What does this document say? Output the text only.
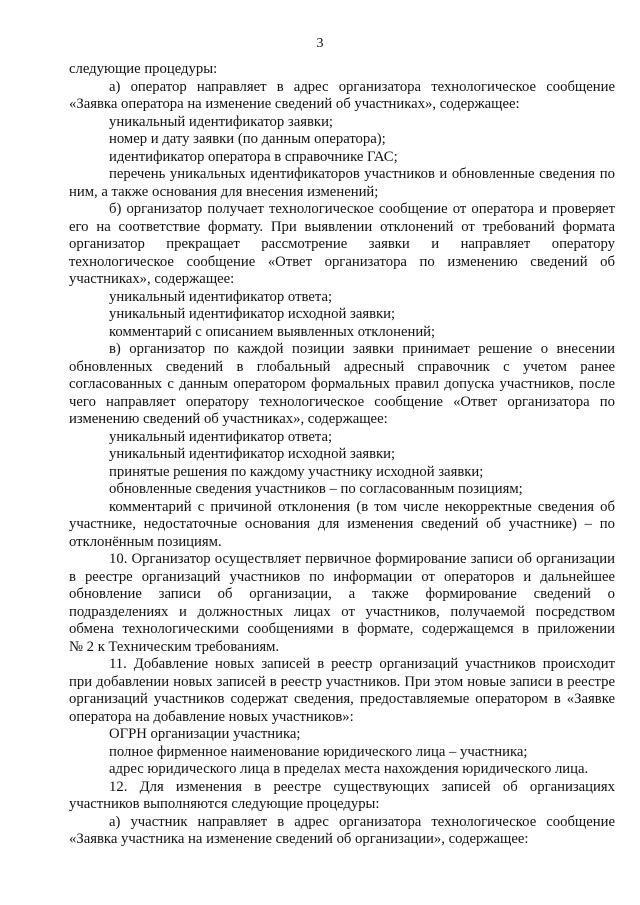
3
следующие процедуры:
а) оператор направляет в адрес организатора технологическое сообщение
«Заявка оператора на изменение сведений об участниках», содержащее:
уникальный идентификатор заявки;
номер и дату заявки (по данным оператора);
идентификатор оператора в справочнике ГАС;
перечень уникальных идентификаторов участников и обновленные сведения по
ним, а также основания для внесения изменений;
б) организатор получает технологическое сообщение от оператора и проверяет
его на соответствие формату. При выявлении отклонений от требований формата
организатор прекращает рассмотрение заявки и направляет оператору
технологическое сообщение «Ответ организатора по изменению сведений об
участниках», содержащее:
уникальный идентификатор ответа;
уникальный идентификатор исходной заявки;
комментарий с описанием выявленных отклонений;
в) организатор по каждой позиции заявки принимает решение о внесении
обновленных сведений в глобальный адресный справочник с учетом ранее
согласованных с данным оператором формальных правил допуска участников, после
чего направляет оператору технологическое сообщение «Ответ организатора по
изменению сведений об участниках», содержащее:
уникальный идентификатор ответа;
уникальный идентификатор исходной заявки;
принятые решения по каждому участнику исходной заявки;
обновленные сведения участников – по согласованным позициям;
комментарий с причиной отклонения (в том числе некорректные сведения об
участнике, недостаточные основания для изменения сведений об участнике) – по
отклонённым позициям.
10. Организатор осуществляет первичное формирование записи об организации
в реестре организаций участников по информации от операторов и дальнейшее
обновление записи об организации, а также формирование сведений о
подразделениях и должностных лицах от участников, получаемой посредством
обмена технологическими сообщениями в формате, содержащемся в приложении
№ 2 к Техническим требованиям.
11. Добавление новых записей в реестр организаций участников происходит
при добавлении новых записей в реестр участников. При этом новые записи в реестре
организаций участников содержат сведения, предоставляемые оператором в «Заявке
оператора на добавление новых участников»:
ОГРН организации участника;
полное фирменное наименование юридического лица – участника;
адрес юридического лица в пределах места нахождения юридического лица.
12. Для изменения в реестре существующих записей об организациях
участников выполняются следующие процедуры:
а) участник направляет в адрес организатора технологическое сообщение
«Заявка участника на изменение сведений об организации», содержащее:
